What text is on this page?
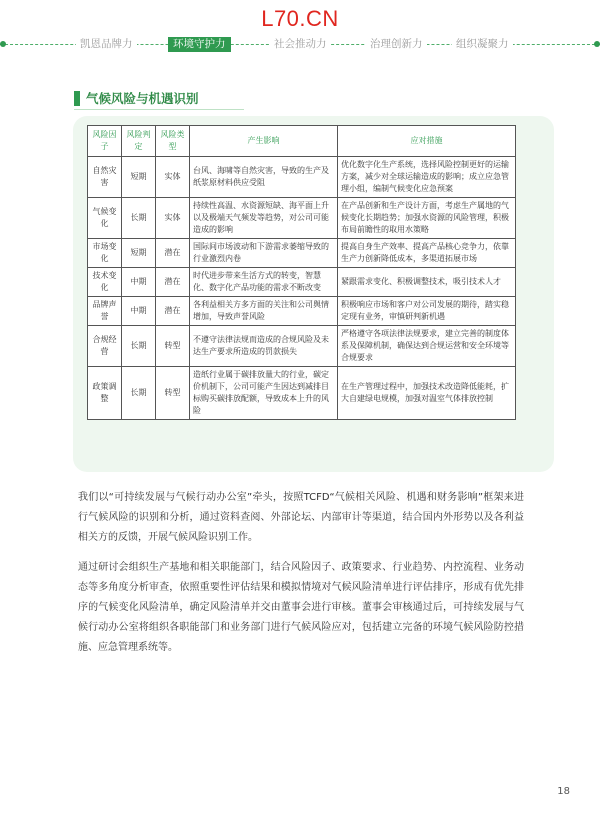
L70.CN
凯恩品牌力	环境守护力	社会推动力	治理创新力	组织凝聚力
气候风险与机遇识别
风险因子	风险判定	风险类型	产生影响	应对措施
自然灾害	短期	实体	台风、海啸等自然灾害，导致的生产及纸浆原材料供应受阻	优化数字化生产系统，选择风险控制更好的运输方案，减少对全球运输造成的影响；成立应急管理小组，编制气候变化应急预案
气候变化	长期	实体	持续性高温、水资源短缺、海平面上升以及极端天气频发等趋势，对公司可能造成的影响	在产品创新和生产设计方面，考虑生产属地的气候变化长期趋势；加强水资源的风险管理，积极布局前瞻性的取用水策略
市场变化	短期	潜在	国际间市场波动和下游需求萎缩导致的行业激烈内卷	提高自身生产效率、提高产品核心竞争力，依靠生产力创新降低成本，多渠道拓展市场
技术变化	中期	潜在	时代进步带来生活方式的转变，智慧化、数字化产品功能的需求不断改变	紧跟需求变化、积极调整技术，吸引技术人才
品牌声誉	中期	潜在	各利益相关方多方面的关注和公司舆情增加，导致声誉风险	积极响应市场和客户对公司发展的期待，踏实稳定现有业务，审慎研判新机遇
合规经营	长期	转型	不遵守法律法规而造成的合规风险及未达生产要求所造成的罚款损失	严格遵守各项法律法规要求，建立完善的制度体系及保障机制，确保达到合规运营和安全环境等合规要求
政策调整	长期	转型	造纸行业属于碳排放量大的行业，碳定价机制下，公司可能产生因达到减排目标购买碳排放配额，导致成本上升的风险	在生产管理过程中，加强技术改造降低能耗，扩大自建绿电规模，加强对温室气体排放控制

我们以“可持续发展与气候行动办公室”牵头，按照TCFD“气候相关风险、机遇和财务影响”框架来进行气候风险的识别和分析，通过资料查阅、外部论坛、内部审计等渠道，结合国内外形势以及各利益相关方的反馈，开展气候风险识别工作。

通过研讨会组织生产基地和相关职能部门，结合风险因子、政策要求、行业趋势、内控流程、业务动态等多角度分析审查，依照重要性评估结果和模拟情境对气候风险清单进行评估排序，形成有优先排序的气候变化风险清单，确定风险清单并交由董事会进行审核。董事会审核通过后，可持续发展与气候行动办公室将组织各职能部门和业务部门进行气候风险应对，包括建立完备的环境气候风险防控措施、应急管理系统等。

18
